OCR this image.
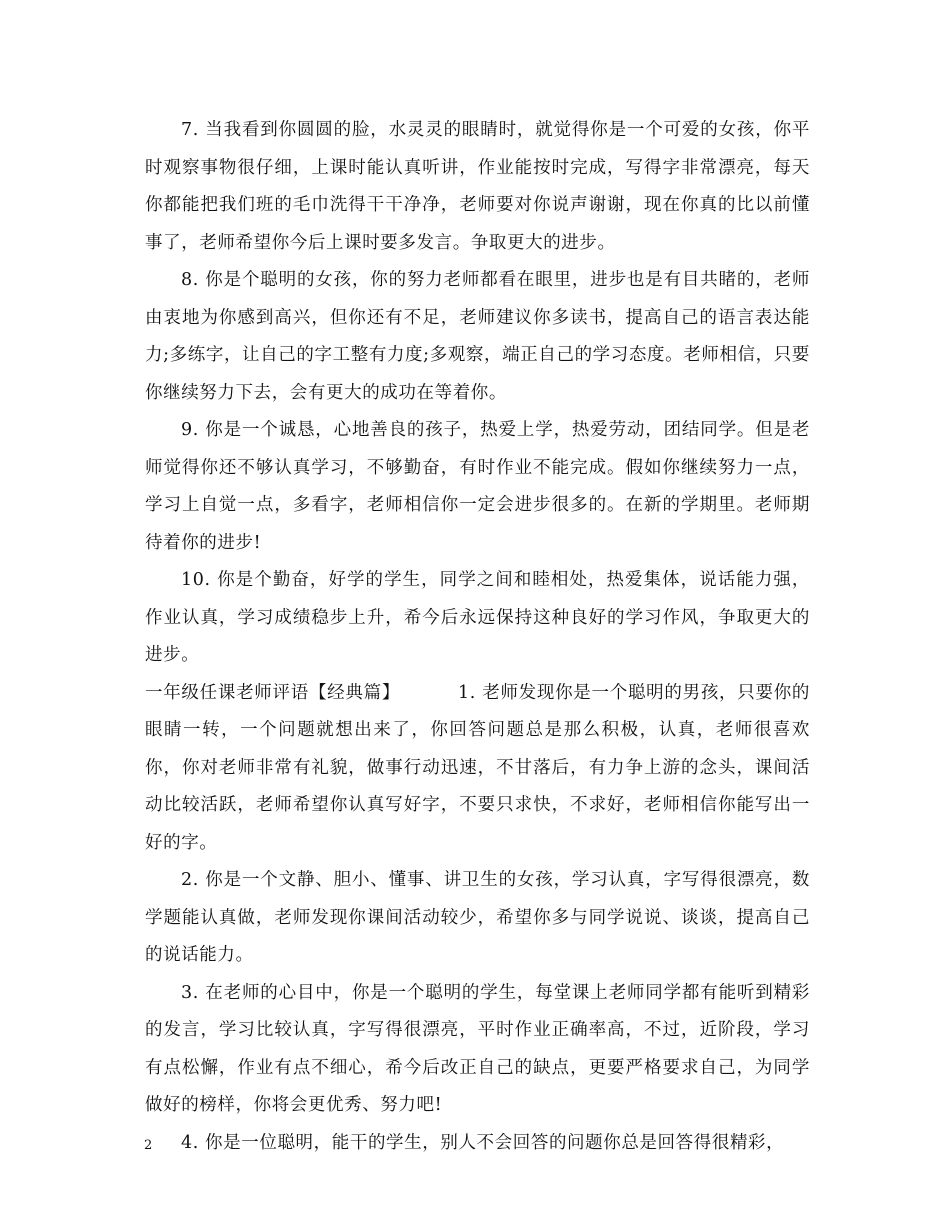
7. 当我看到你圆圆的脸，水灵灵的眼睛时，就觉得你是一个可爱的女孩，你平时观察事物很仔细，上课时能认真听讲，作业能按时完成，写得字非常漂亮，每天你都能把我们班的毛巾洗得干干净净，老师要对你说声谢谢，现在你真的比以前懂事了，老师希望你今后上课时要多发言。争取更大的进步。

8. 你是个聪明的女孩，你的努力老师都看在眼里，进步也是有目共睹的，老师由衷地为你感到高兴，但你还有不足，老师建议你多读书，提高自己的语言表达能力;多练字，让自己的字工整有力度;多观察，端正自己的学习态度。老师相信，只要你继续努力下去，会有更大的成功在等着你。

9. 你是一个诚恳，心地善良的孩子，热爱上学，热爱劳动，团结同学。但是老师觉得你还不够认真学习，不够勤奋，有时作业不能完成。假如你继续努力一点，学习上自觉一点，多看字，老师相信你一定会进步很多的。在新的学期里。老师期待着你的进步!

10. 你是个勤奋，好学的学生，同学之间和睦相处，热爱集体，说话能力强，作业认真，学习成绩稳步上升，希今后永远保持这种良好的学习作风，争取更大的进步。

一年级任课老师评语【经典篇】	1. 老师发现你是一个聪明的男孩，只要你的眼睛一转，一个问题就想出来了，你回答问题总是那么积极，认真，老师很喜欢你，你对老师非常有礼貌，做事行动迅速，不甘落后，有力争上游的念头，课间活动比较活跃，老师希望你认真写好字，不要只求快，不求好，老师相信你能写出一好的字。

2. 你是一个文静、胆小、懂事、讲卫生的女孩，学习认真，字写得很漂亮，数学题能认真做，老师发现你课间活动较少，希望你多与同学说说、谈谈，提高自己的说话能力。

3. 在老师的心目中，你是一个聪明的学生，每堂课上老师同学都有能听到精彩的发言，学习比较认真，字写得很漂亮，平时作业正确率高，不过，近阶段，学习有点松懈，作业有点不细心，希今后改正自己的缺点，更要严格要求自己，为同学做好的榜样，你将会更优秀、努力吧!

4. 你是一位聪明，能干的学生，别人不会回答的问题你总是回答得很精彩，

2
